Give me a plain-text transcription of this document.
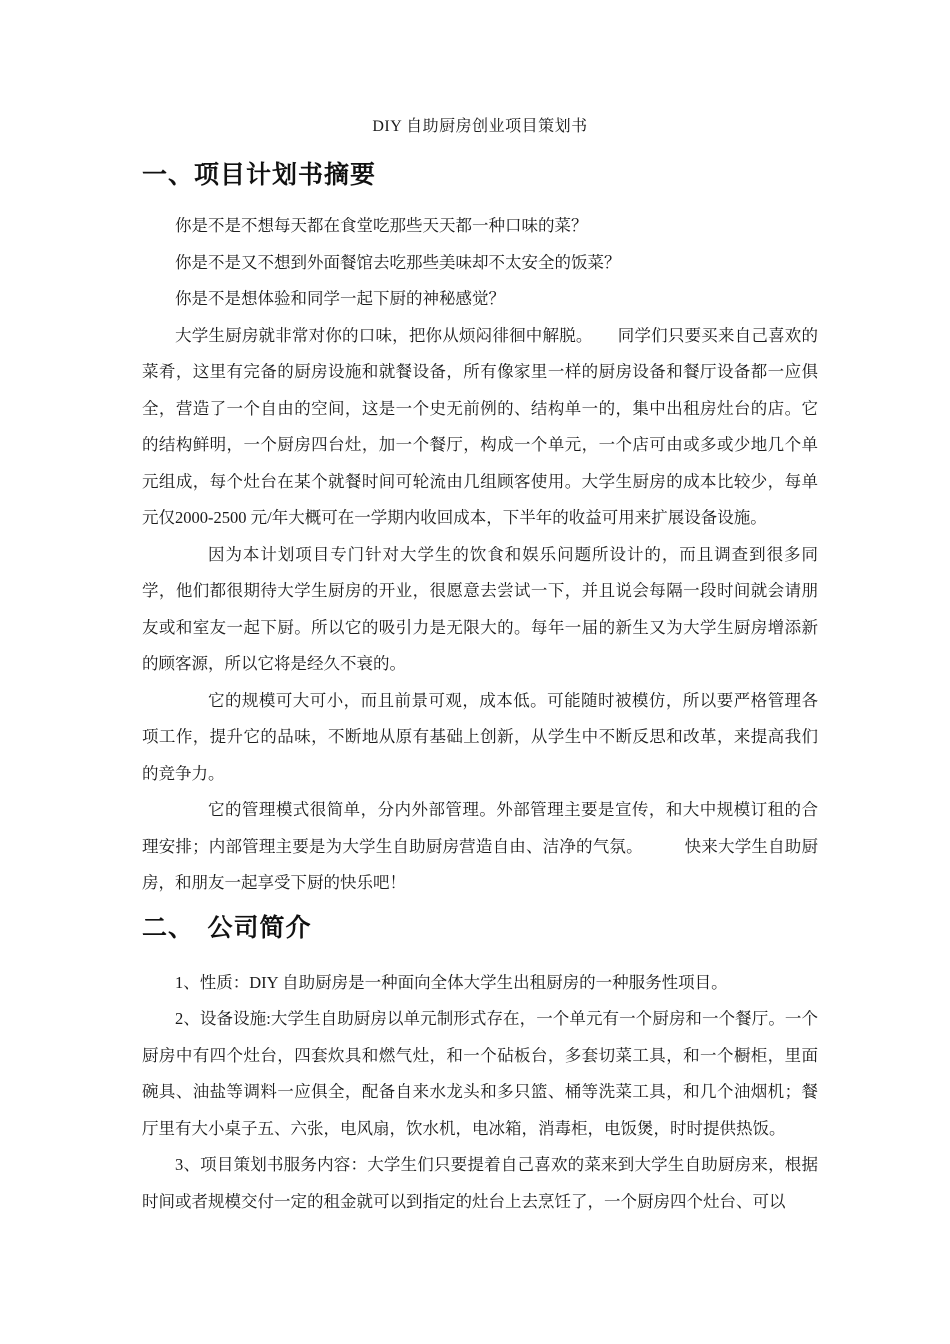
DIY 自助厨房创业项目策划书
一、项目计划书摘要

你是不是不想每天都在食堂吃那些天天都一种口味的菜？

你是不是又不想到外面餐馆去吃那些美味却不太安全的饭菜？

你是不是想体验和同学一起下厨的神秘感觉？

大学生厨房就非常对你的口味，把你从烦闷徘徊中解脱。　　同学们只要买来自己喜欢的菜肴，这里有完备的厨房设施和就餐设备，所有像家里一样的厨房设备和餐厅设备都一应俱全，营造了一个自由的空间，这是一个史无前例的、结构单一的，集中出租房灶台的店。它的结构鲜明，一个厨房四台灶，加一个餐厅，构成一个单元，一个店可由或多或少地几个单元组成，每个灶台在某个就餐时间可轮流由几组顾客使用。大学生厨房的成本比较少，每单元仅2000-2500 元/年大概可在一学期内收回成本，下半年的收益可用来扩展设备设施。

因为本计划项目专门针对大学生的饮食和娱乐问题所设计的，而且调查到很多同学，他们都很期待大学生厨房的开业，很愿意去尝试一下，并且说会每隔一段时间就会请朋友或和室友一起下厨。所以它的吸引力是无限大的。每年一届的新生又为大学生厨房增添新的顾客源，所以它将是经久不衰的。

它的规模可大可小，而且前景可观，成本低。可能随时被模仿，所以要严格管理各项工作，提升它的品味，不断地从原有基础上创新，从学生中不断反思和改革，来提高我们的竞争力。

它的管理模式很简单，分内外部管理。外部管理主要是宣传，和大中规模订租的合理安排；内部管理主要是为大学生自助厨房营造自由、洁净的气氛。　　　快来大学生自助厨房，和朋友一起享受下厨的快乐吧！

二、　公司简介

1、性质：DIY 自助厨房是一种面向全体大学生出租厨房的一种服务性项目。

2、设备设施:大学生自助厨房以单元制形式存在，一个单元有一个厨房和一个餐厅。一个厨房中有四个灶台，四套炊具和燃气灶，和一个砧板台，多套切菜工具，和一个橱柜，里面碗具、油盐等调料一应俱全，配备自来水龙头和多只篮、桶等洗菜工具，和几个油烟机；餐厅里有大小桌子五、六张，电风扇，饮水机，电冰箱，消毒柜，电饭煲，时时提供热饭。

3、项目策划书服务内容：大学生们只要提着自己喜欢的菜来到大学生自助厨房来，根据时间或者规模交付一定的租金就可以到指定的灶台上去烹饪了，一个厨房四个灶台、可以
